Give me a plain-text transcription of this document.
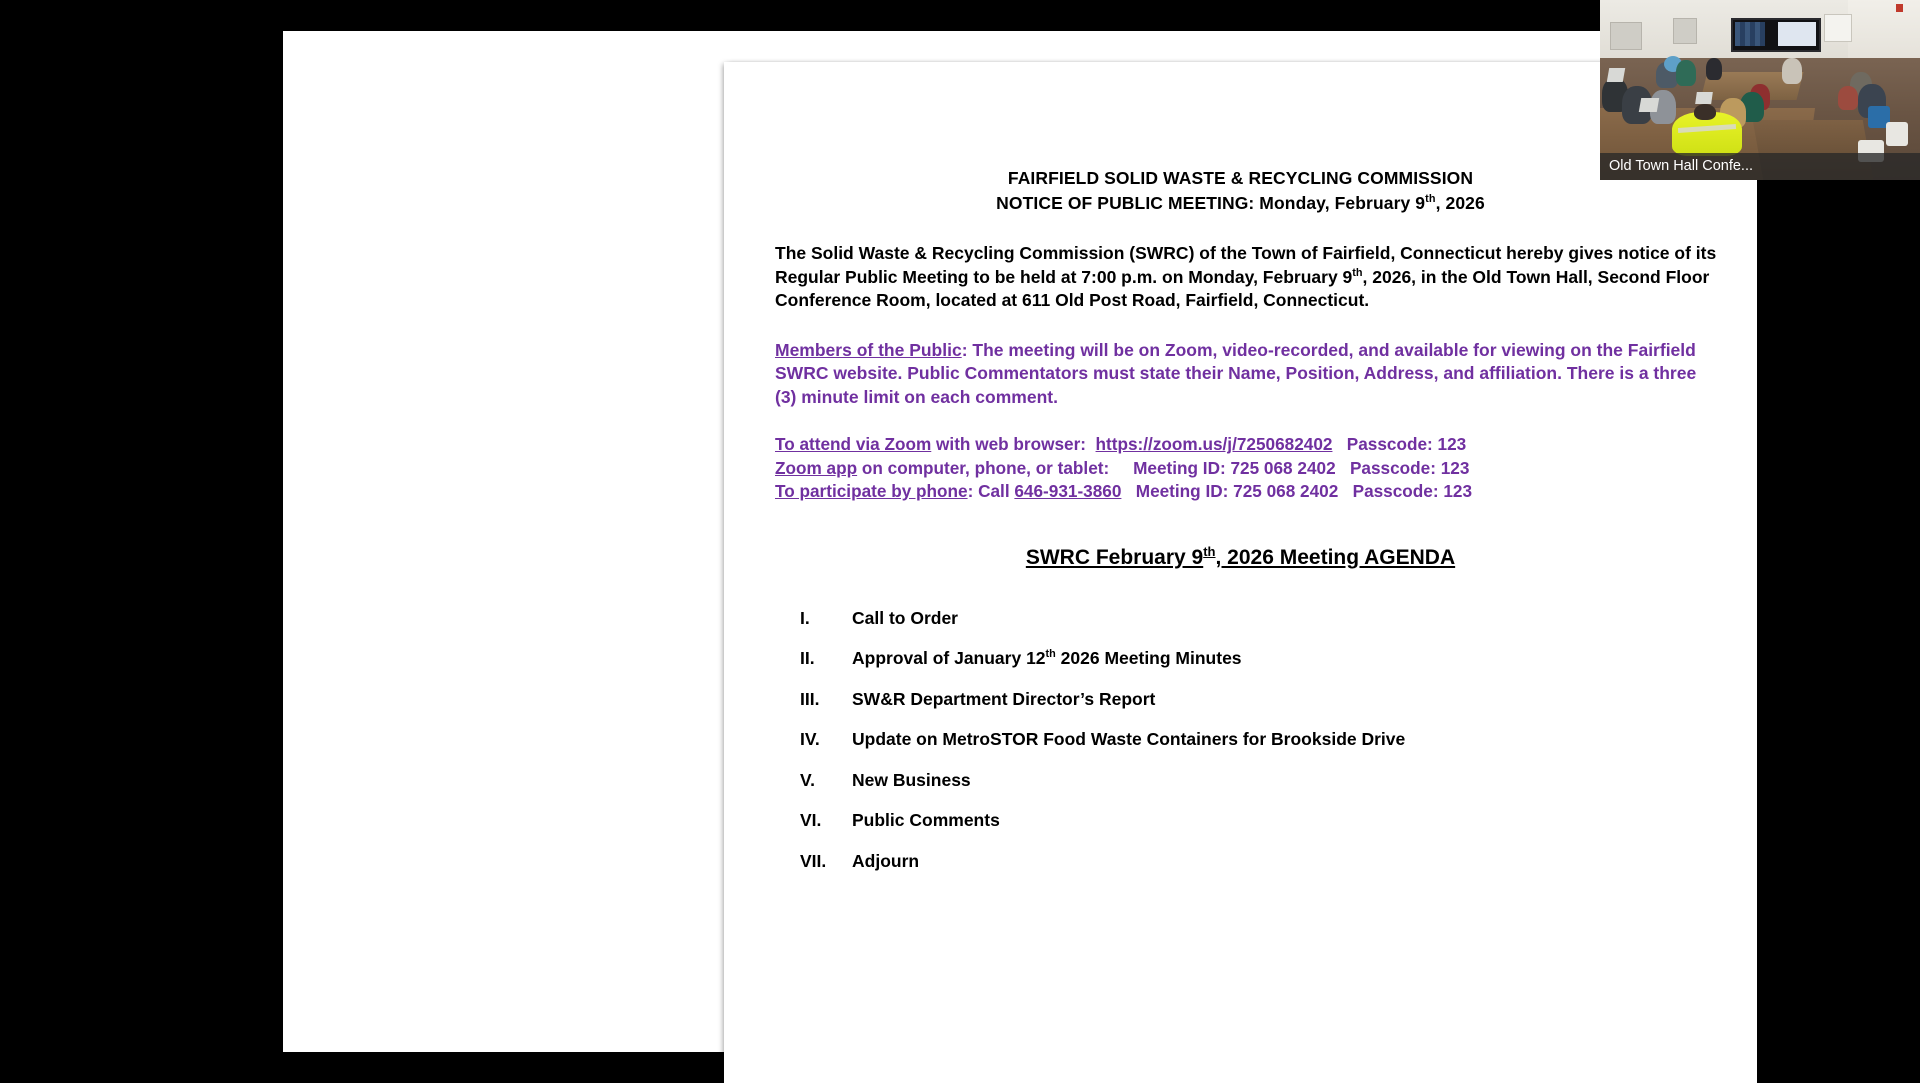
FAIRFIELD SOLID WASTE & RECYCLING COMMISSION
NOTICE OF PUBLIC MEETING: Monday, February 9th, 2026
The Solid Waste & Recycling Commission (SWRC) of the Town of Fairfield, Connecticut hereby gives notice of its Regular Public Meeting to be held at 7:00 p.m. on Monday, February 9th, 2026, in the Old Town Hall, Second Floor Conference Room, located at 611 Old Post Road, Fairfield, Connecticut.
Members of the Public: The meeting will be on Zoom, video-recorded, and available for viewing on the Fairfield SWRC website. Public Commentators must state their Name, Position, Address, and affiliation. There is a three (3) minute limit on each comment.
To attend via Zoom with web browser:  https://zoom.us/j/7250682402   Passcode: 123
Zoom app on computer, phone, or tablet:     Meeting ID: 725 068 2402   Passcode: 123
To participate by phone: Call 646-931-3860   Meeting ID: 725 068 2402   Passcode: 123
SWRC February 9th, 2026 Meeting AGENDA
I.	Call to Order
II.	Approval of January 12th 2026 Meeting Minutes
III.	SW&R Department Director’s Report
IV.	Update on MetroSTOR Food Waste Containers for Brookside Drive
V.	New Business
VI.	Public Comments
VII.	Adjourn
Old Town Hall Confe...
